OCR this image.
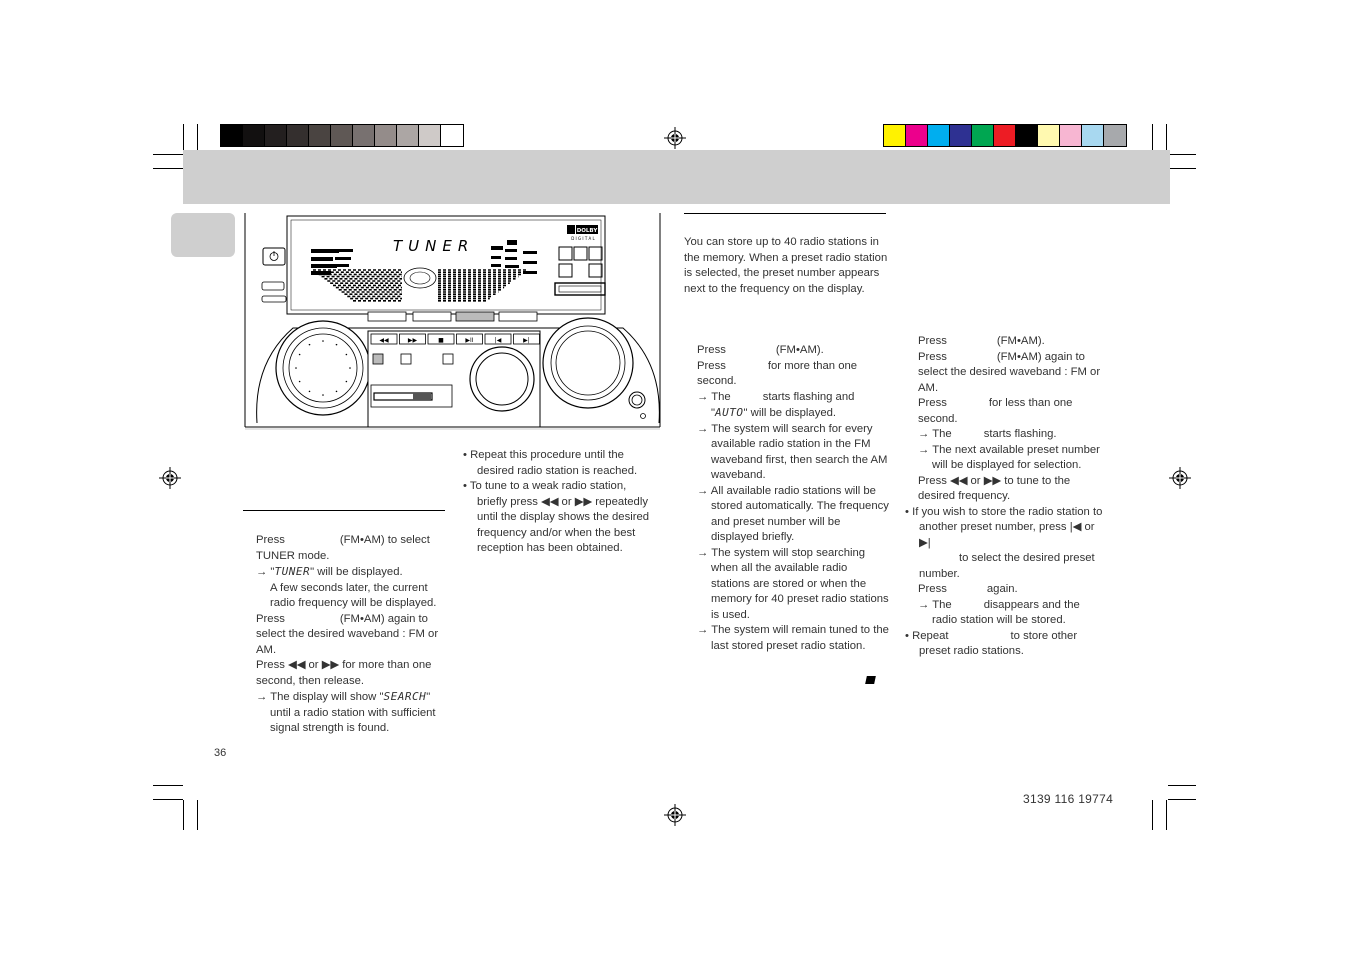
TUNER
DOLBY
D I G I T A L
◀◀	▶▶	■	▶II	|◀	▶|

Press	(FM•AM) to select TUNER mode.

→ "TUNER" will be displayed.

A few seconds later, the current radio frequency will be displayed.

Press	(FM•AM) again to select the desired waveband : FM or AM.

Press ◀◀ or ▶▶ for more than one second, then release.

→ The display will show "SEARCH" until a radio station with sufficient signal strength is found.

• Repeat this procedure until the desired radio station is reached.

• To tune to a weak radio station, briefly press ◀◀ or ▶▶ repeatedly until the display shows the desired frequency and/or when the best reception has been obtained.

You can store up to 40 radio stations in the memory. When a preset radio station is selected, the preset number appears next to the frequency on the display.

Press	(FM•AM).

Press	for more than one second.

→ The	starts flashing and

"AUTO" will be displayed.

→ The system will search for every available radio station in the FM waveband first, then search the AM waveband.

→ All available radio stations will be stored automatically. The frequency and preset number will be displayed briefly.

→ The system will stop searching when all the available radio stations are stored or when the memory for 40 preset radio stations is used.

→ The system will remain tuned to the last stored preset radio station.

Press	(FM•AM).

Press	(FM•AM) again to select the desired waveband : FM or AM.

Press	for less than one second.

→ The	starts flashing.

→ The next available preset number will be displayed for selection.

Press ◀◀ or ▶▶ to tune to the desired frequency.

• If you wish to store the radio station to another preset number, press |◀ or ▶|
to select the desired preset number.

Press	again.

→ The	disappears and the radio station will be stored.

• Repeat	to store other preset radio stations.

36
3139 116 19774
